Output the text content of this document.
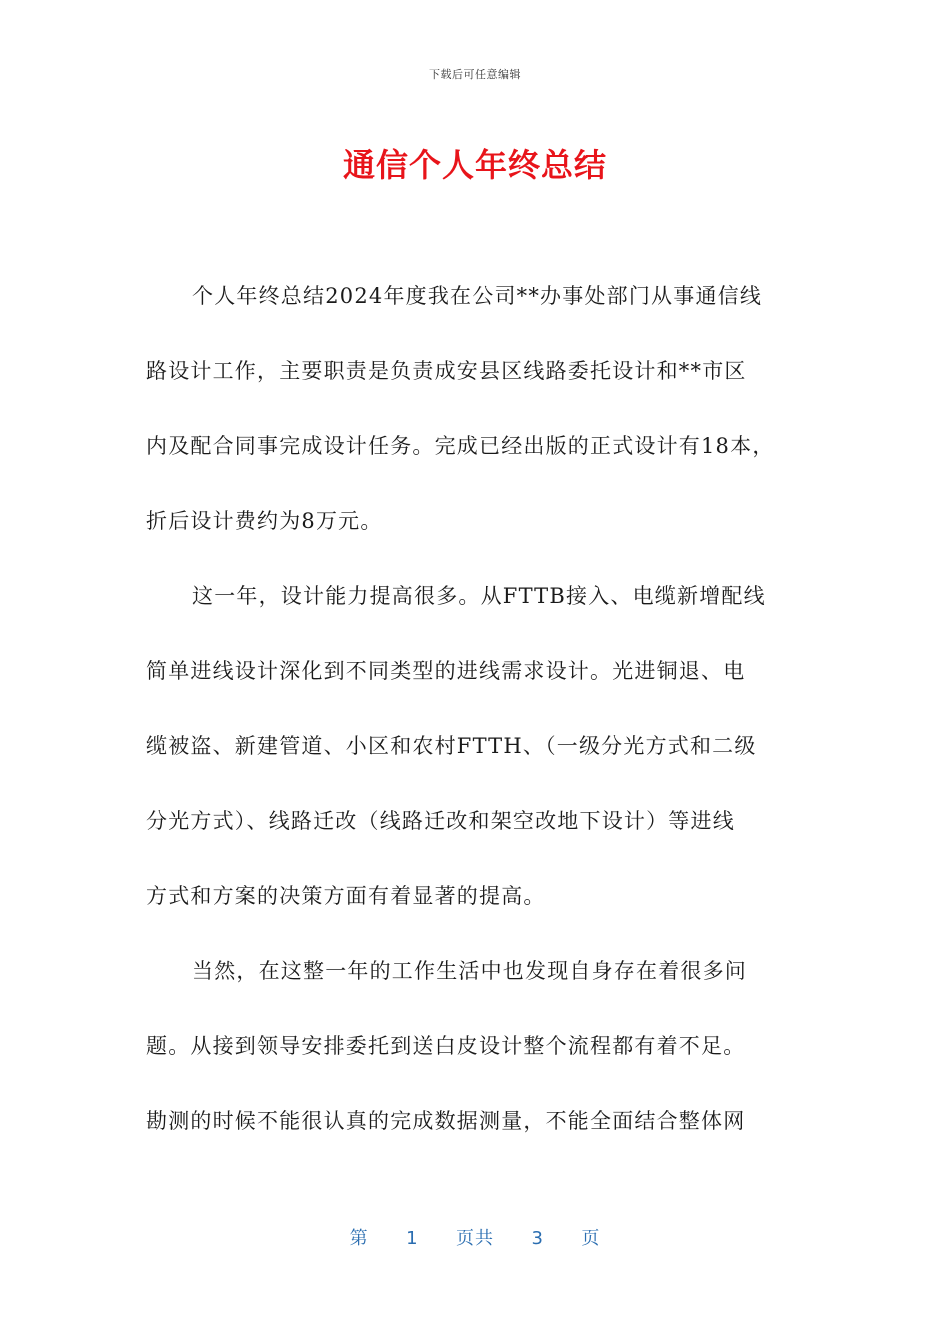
下载后可任意编辑
通信个人年终总结
个人年终总结2024年度我在公司**办事处部门从事通信线
路设计工作，主要职责是负责成安县区线路委托设计和**市区
内及配合同事完成设计任务。完成已经出版的正式设计有18本，
折后设计费约为8万元。
这一年，设计能力提高很多。从FTTB接入、电缆新增配线
简单进线设计深化到不同类型的进线需求设计。光进铜退、电
缆被盗、新建管道、小区和农村FTTH、（一级分光方式和二级
分光方式）、线路迁改（线路迁改和架空改地下设计）等进线
方式和方案的决策方面有着显著的提高。
当然，在这整一年的工作生活中也发现自身存在着很多问
题。从接到领导安排委托到送白皮设计整个流程都有着不足。
勘测的时候不能很认真的完成数据测量，不能全面结合整体网
第 1 页共 3 页
